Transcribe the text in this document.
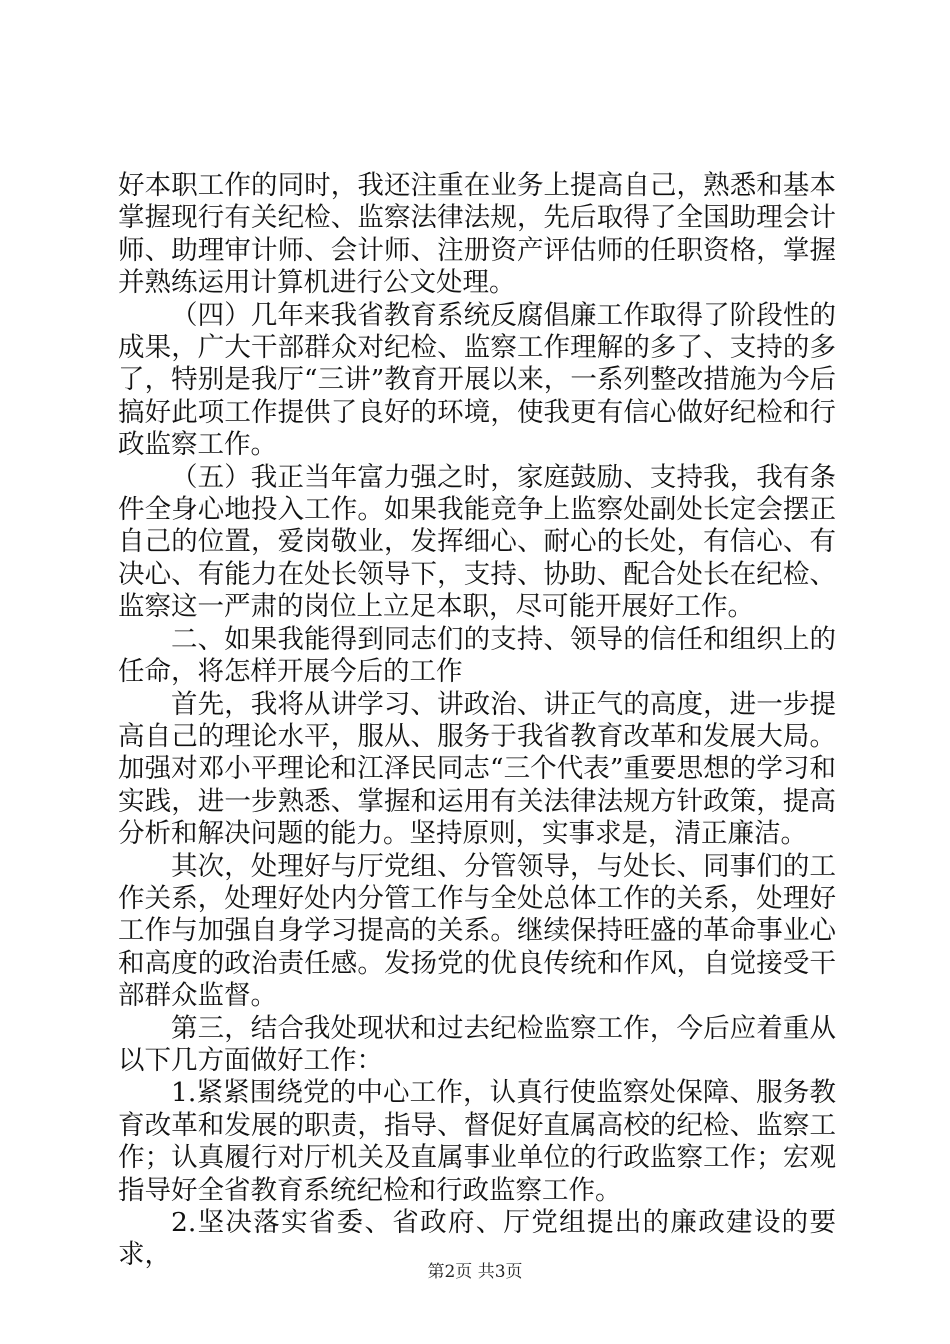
好本职工作的同时，我还注重在业务上提高自己，熟悉和基本掌握现行有关纪检、监察法律法规，先后取得了全国助理会计师、助理审计师、会计师、注册资产评估师的任职资格，掌握并熟练运用计算机进行公文处理。

（四）几年来我省教育系统反腐倡廉工作取得了阶段性的成果，广大干部群众对纪检、监察工作理解的多了、支持的多了，特别是我厅“三讲”教育开展以来，一系列整改措施为今后搞好此项工作提供了良好的环境，使我更有信心做好纪检和行政监察工作。

（五）我正当年富力强之时，家庭鼓励、支持我，我有条件全身心地投入工作。如果我能竞争上监察处副处长定会摆正自己的位置，爱岗敬业，发挥细心、耐心的长处，有信心、有决心、有能力在处长领导下，支持、协助、配合处长在纪检、监察这一严肃的岗位上立足本职，尽可能开展好工作。

二、如果我能得到同志们的支持、领导的信任和组织上的任命，将怎样开展今后的工作

首先，我将从讲学习、讲政治、讲正气的高度，进一步提高自己的理论水平，服从、服务于我省教育改革和发展大局。加强对邓小平理论和江泽民同志“三个代表”重要思想的学习和实践，进一步熟悉、掌握和运用有关法律法规方针政策，提高分析和解决问题的能力。坚持原则，实事求是，清正廉洁。

其次，处理好与厅党组、分管领导，与处长、同事们的工作关系，处理好处内分管工作与全处总体工作的关系，处理好工作与加强自身学习提高的关系。继续保持旺盛的革命事业心和高度的政治责任感。发扬党的优良传统和作风，自觉接受干部群众监督。

第三，结合我处现状和过去纪检监察工作，今后应着重从以下几方面做好工作：

1.紧紧围绕党的中心工作，认真行使监察处保障、服务教育改革和发展的职责，指导、督促好直属高校的纪检、监察工作；认真履行对厅机关及直属事业单位的行政监察工作；宏观指导好全省教育系统纪检和行政监察工作。

2.坚决落实省委、省政府、厅党组提出的廉政建设的要求，

第2页 共3页
